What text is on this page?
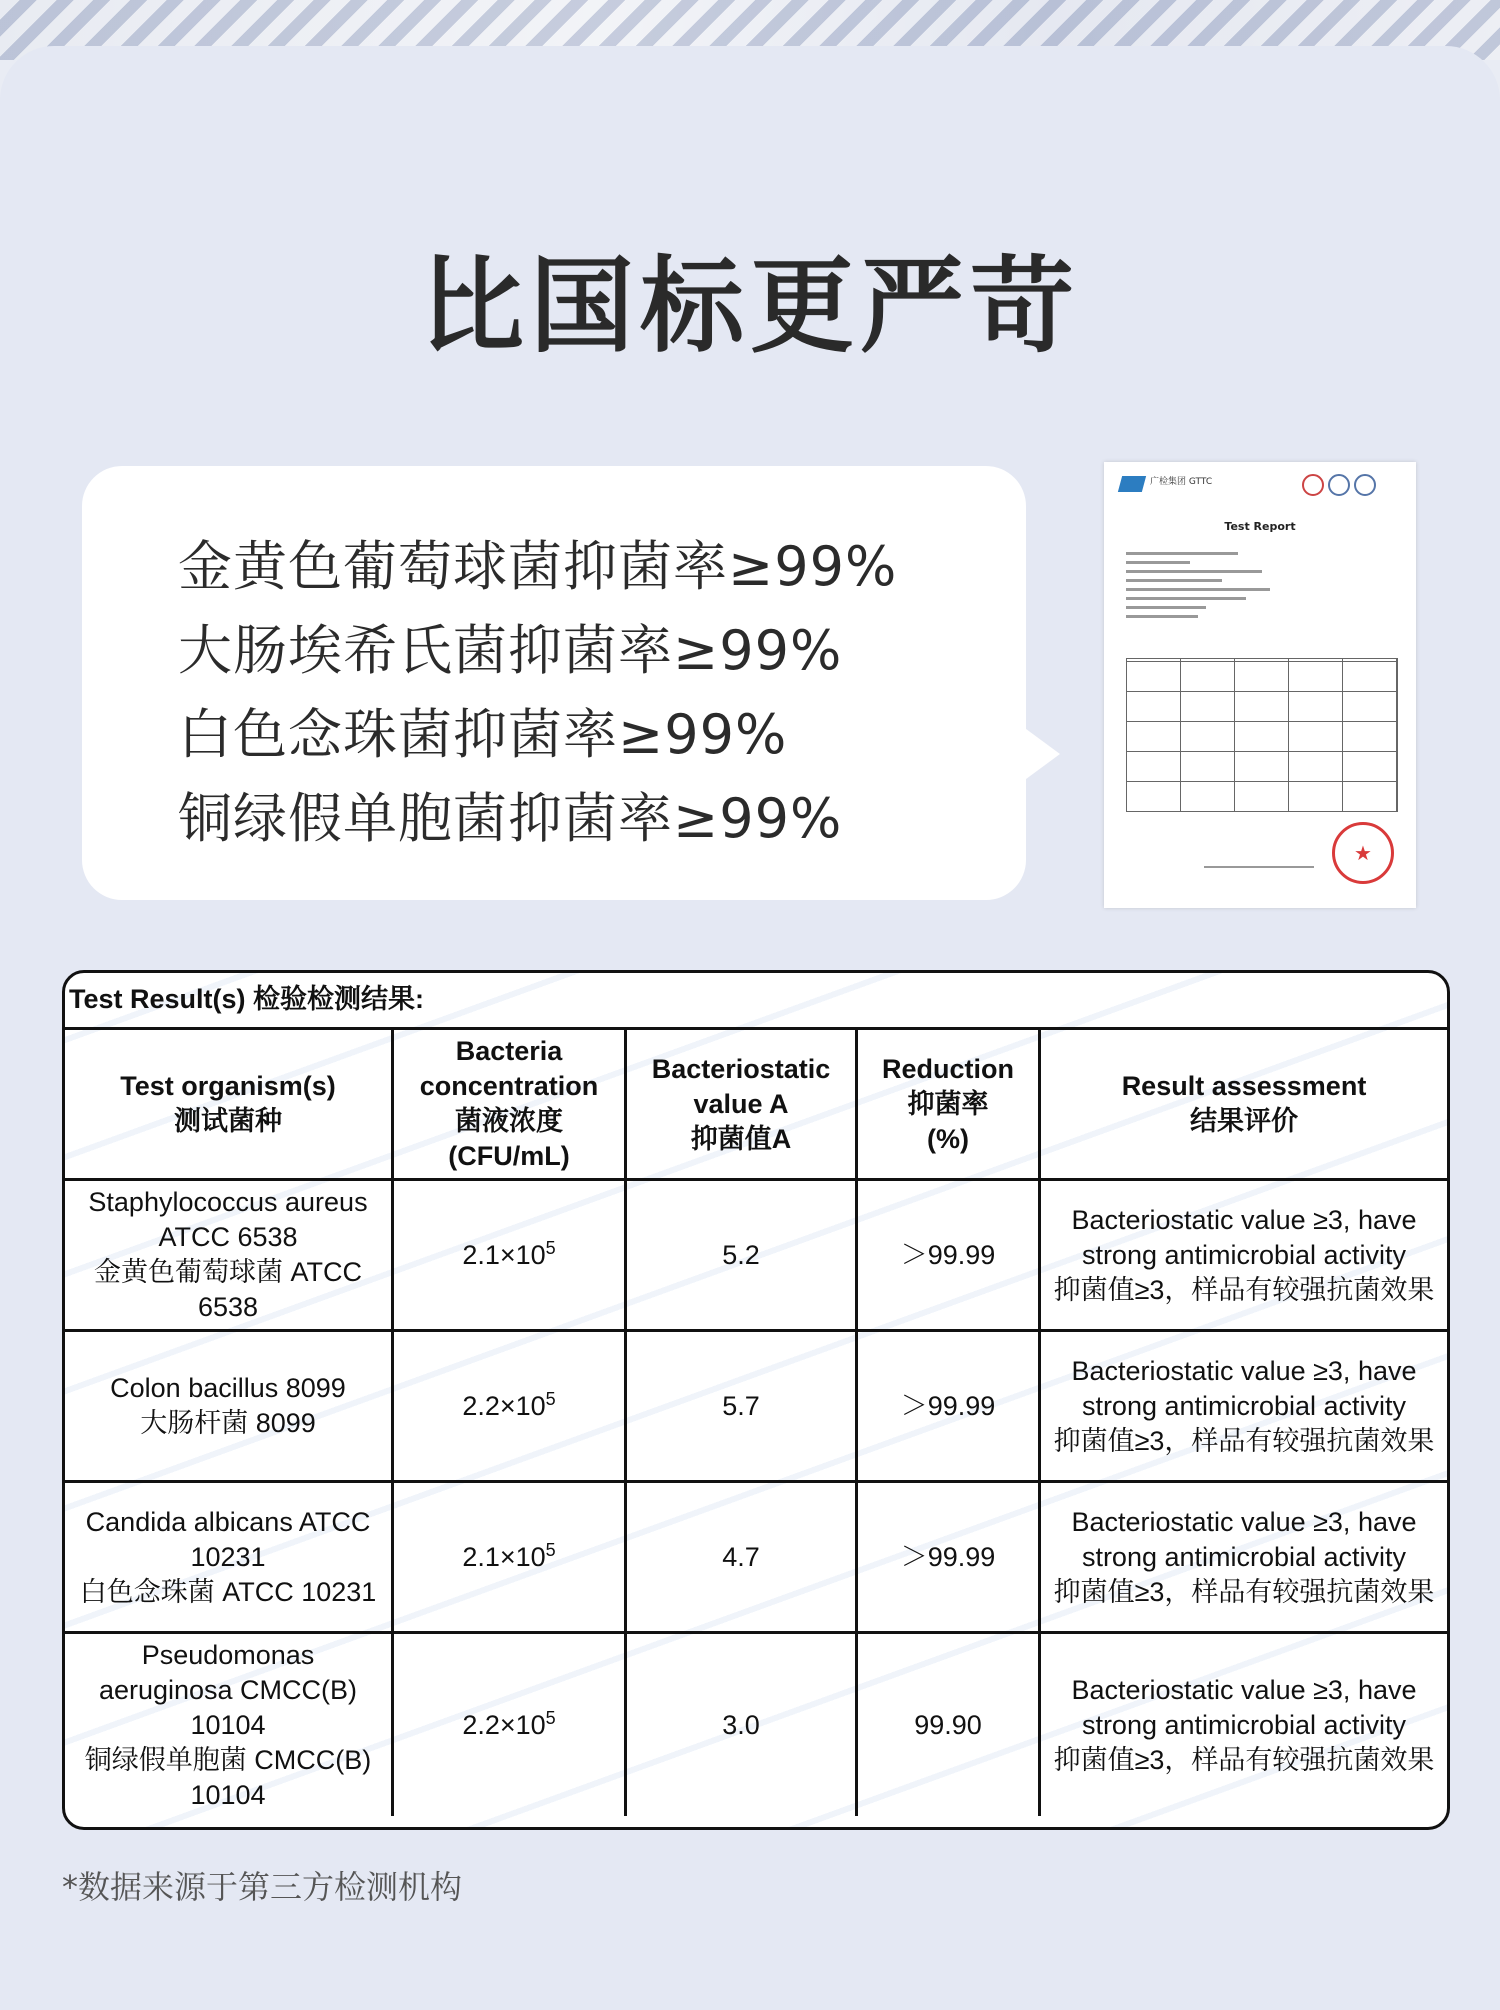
比国标更严苛
金黄色葡萄球菌抑菌率≥99%
大肠埃希氏菌抑菌率≥99%
白色念珠菌抑菌率≥99%
铜绿假单胞菌抑菌率≥99%
广检集团 GTTC
Test Report
★
Test Result(s) 检验检测结果:
Test organism(s)
测试菌种	Bacteria
concentration
菌液浓度
(CFU/mL)	Bacteriostatic
value A
抑菌值A	Reduction
抑菌率
(%)	Result assessment
结果评价
Staphylococcus aureus
ATCC 6538
金黄色葡萄球菌 ATCC
6538	$2.1\times 10^5$	5.2	＞99.99	Bacteriostatic value ≥3, have
strong antimicrobial activity
抑菌值≥3，样品有较强抗菌效果
Colon bacillus 8099
大肠杆菌 8099	$2.2\times 10^5$	5.7	＞99.99	Bacteriostatic value ≥3, have
strong antimicrobial activity
抑菌值≥3，样品有较强抗菌效果
Candida albicans ATCC
10231
白色念珠菌 ATCC 10231	$2.1\times 10^5$	4.7	＞99.99	Bacteriostatic value ≥3, have
strong antimicrobial activity
抑菌值≥3，样品有较强抗菌效果
Pseudomonas
aeruginosa CMCC(B)
10104
铜绿假单胞菌 CMCC(B)
10104	$2.2\times 10^5$	3.0	99.90	Bacteriostatic value ≥3, have
strong antimicrobial activity
抑菌值≥3，样品有较强抗菌效果
*数据来源于第三方检测机构
